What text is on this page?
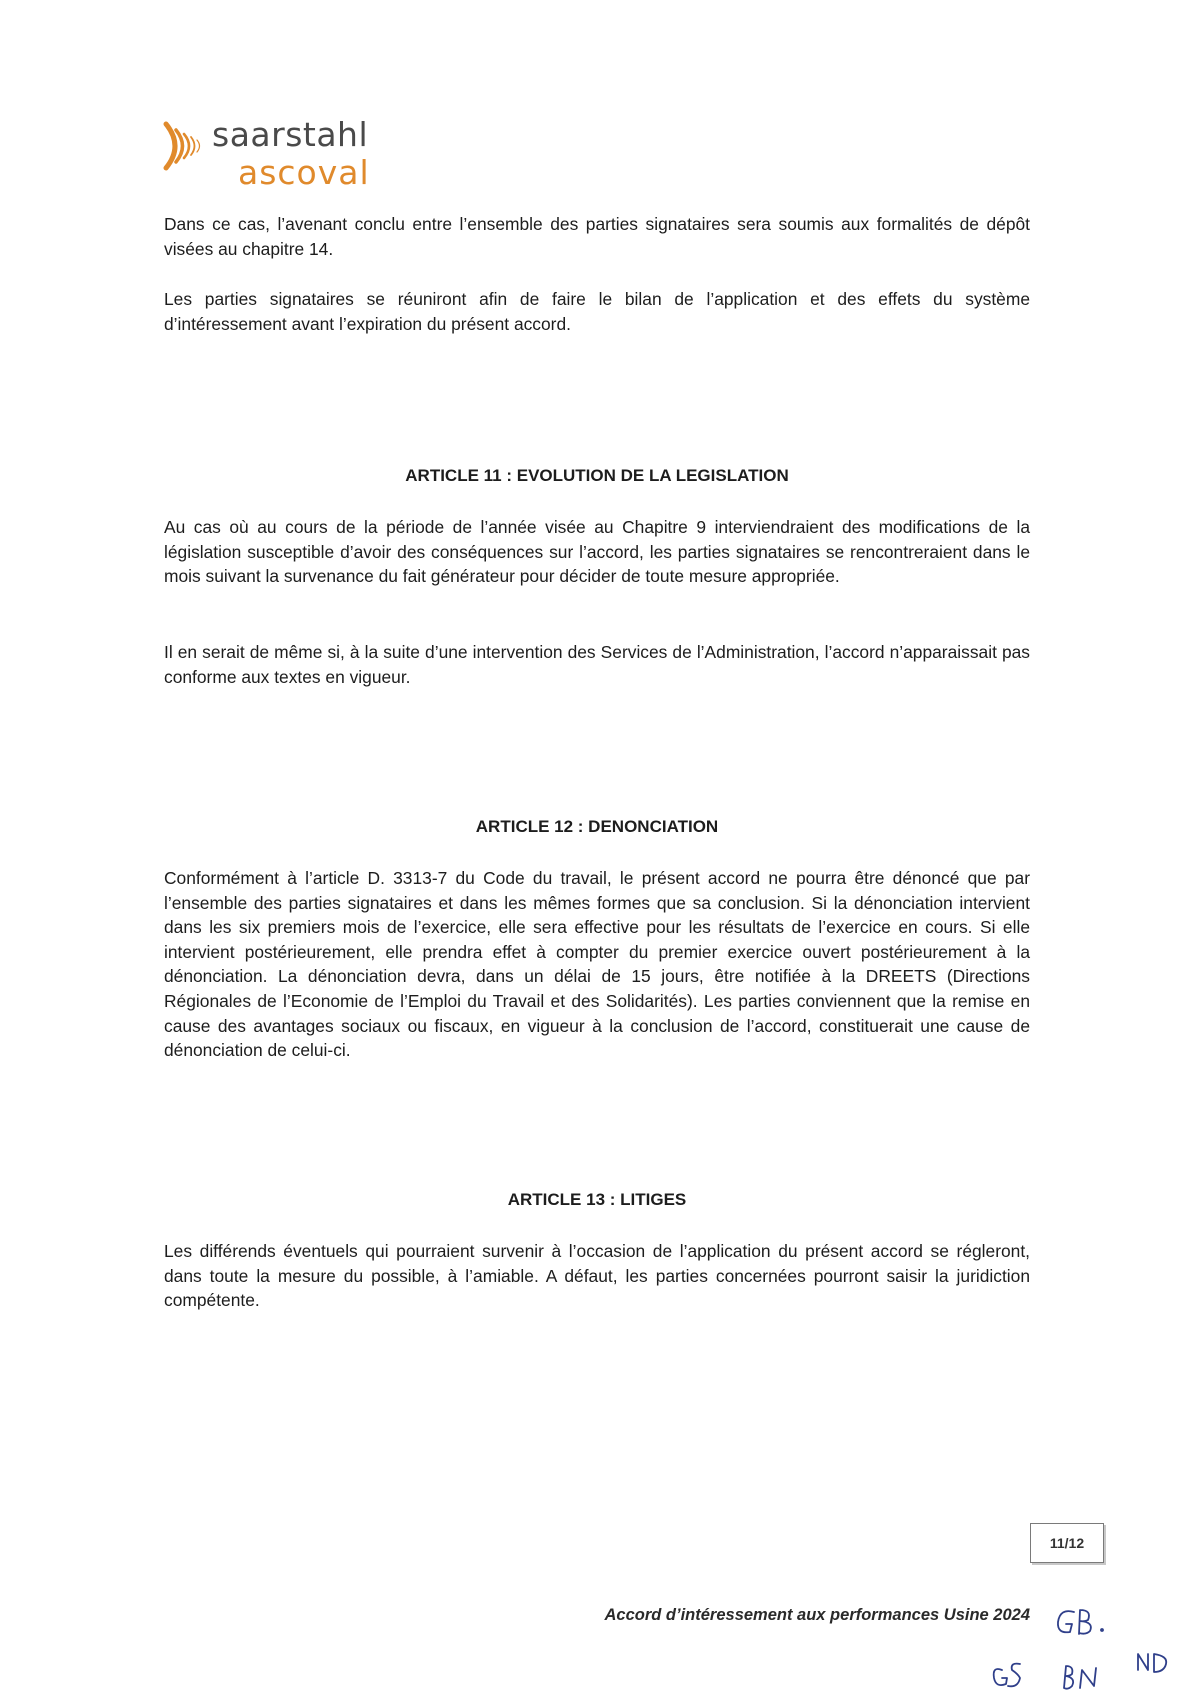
saarstahl
ascoval

Dans ce cas, l’avenant conclu entre l’ensemble des parties signataires sera soumis aux formalités de dépôt visées au chapitre 14.

Les parties signataires se réuniront afin de faire le bilan de l’application et des effets du système d’intéressement avant l’expiration du présent accord.

ARTICLE 11 : EVOLUTION DE LA LEGISLATION

Au cas où au cours de la période de l’année visée au Chapitre 9 interviendraient des modifications de la législation susceptible d’avoir des conséquences sur l’accord, les parties signataires se rencontreraient dans le mois suivant la survenance du fait générateur pour décider de toute mesure appropriée.

Il en serait de même si, à la suite d’une intervention des Services de l’Administration, l’accord n’apparaissait pas conforme aux textes en vigueur.

ARTICLE 12 : DENONCIATION

Conformément à l’article D. 3313-7 du Code du travail, le présent accord ne pourra être dénoncé que par l’ensemble des parties signataires et dans les mêmes formes que sa conclusion. Si la dénonciation intervient dans les six premiers mois de l’exercice, elle sera effective pour les résultats de l’exercice en cours. Si elle intervient postérieurement, elle prendra effet à compter du premier exercice ouvert postérieurement à la dénonciation. La dénonciation devra, dans un délai de 15 jours, être notifiée à la DREETS (Directions Régionales de l’Economie de l’Emploi du Travail et des Solidarités). Les parties conviennent que la remise en cause des avantages sociaux ou fiscaux, en vigueur à la conclusion de l’accord, constituerait une cause de dénonciation de celui-ci.

ARTICLE 13 : LITIGES

Les différends éventuels qui pourraient survenir à l’occasion de l’application du présent accord se régleront, dans toute la mesure du possible, à l’amiable. A défaut, les parties concernées pourront saisir la juridiction compétente.

11/12
Accord d’intéressement aux performances Usine 2024
